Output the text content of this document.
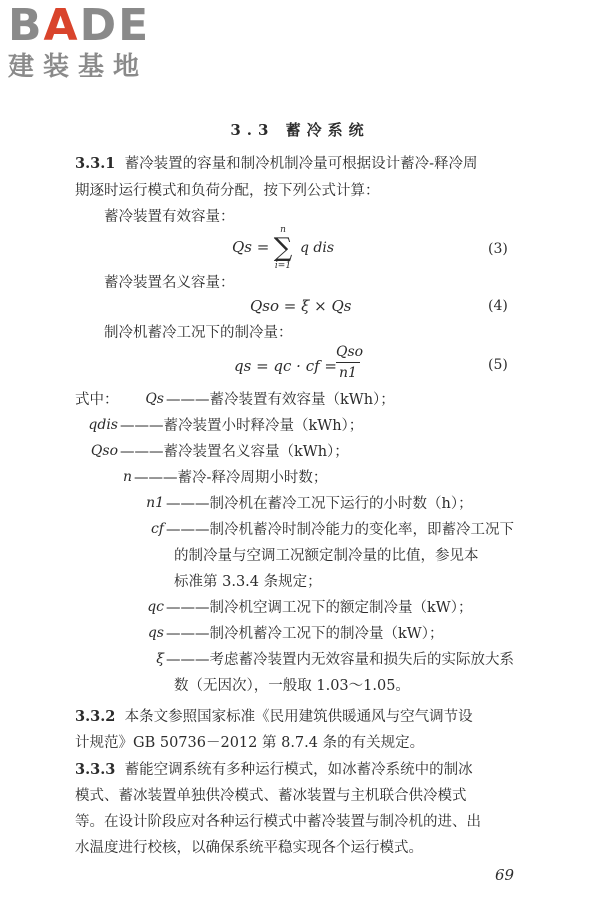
BADE
建装基地
3.3 蓄冷系统
3.3.1 蓄冷装置的容量和制冷机制冷量可根据设计蓄冷-释冷周
期逐时运行模式和负荷分配，按下列公式计算：
蓄冷装置有效容量：
Qs =
n
∑
i=1
q dis	(3)
蓄冷装置名义容量：
Qso = ξ × Qs	(4)
制冷机蓄冷工况下的制冷量：
qs = qc · cf =
Qso
n1	(5)
式中：	Qs ———蓄冷装置有效容量（kWh）；
qdis ———蓄冷装置小时释冷量（kWh）；
Qso ———蓄冷装置名义容量（kWh）；
n ———蓄冷-释冷周期小时数；
n1 ———制冷机在蓄冷工况下运行的小时数（h）；
cf ———制冷机蓄冷时制冷能力的变化率，即蓄冷工况下
的制冷量与空调工况额定制冷量的比值，参见本
标准第 3.3.4 条规定；
qc ———制冷机空调工况下的额定制冷量（kW）；
qs ———制冷机蓄冷工况下的制冷量（kW）；
ξ ———考虑蓄冷装置内无效容量和损失后的实际放大系
数（无因次），一般取 1.03～1.05。
3.3.2 本条文参照国家标准《民用建筑供暖通风与空气调节设
计规范》GB 50736－2012 第 8.7.4 条的有关规定。
3.3.3 蓄能空调系统有多种运行模式，如冰蓄冷系统中的制冰
模式、蓄冰装置单独供冷模式、蓄冰装置与主机联合供冷模式
等。在设计阶段应对各种运行模式中蓄冷装置与制冷机的进、出
水温度进行校核，以确保系统平稳实现各个运行模式。
69
